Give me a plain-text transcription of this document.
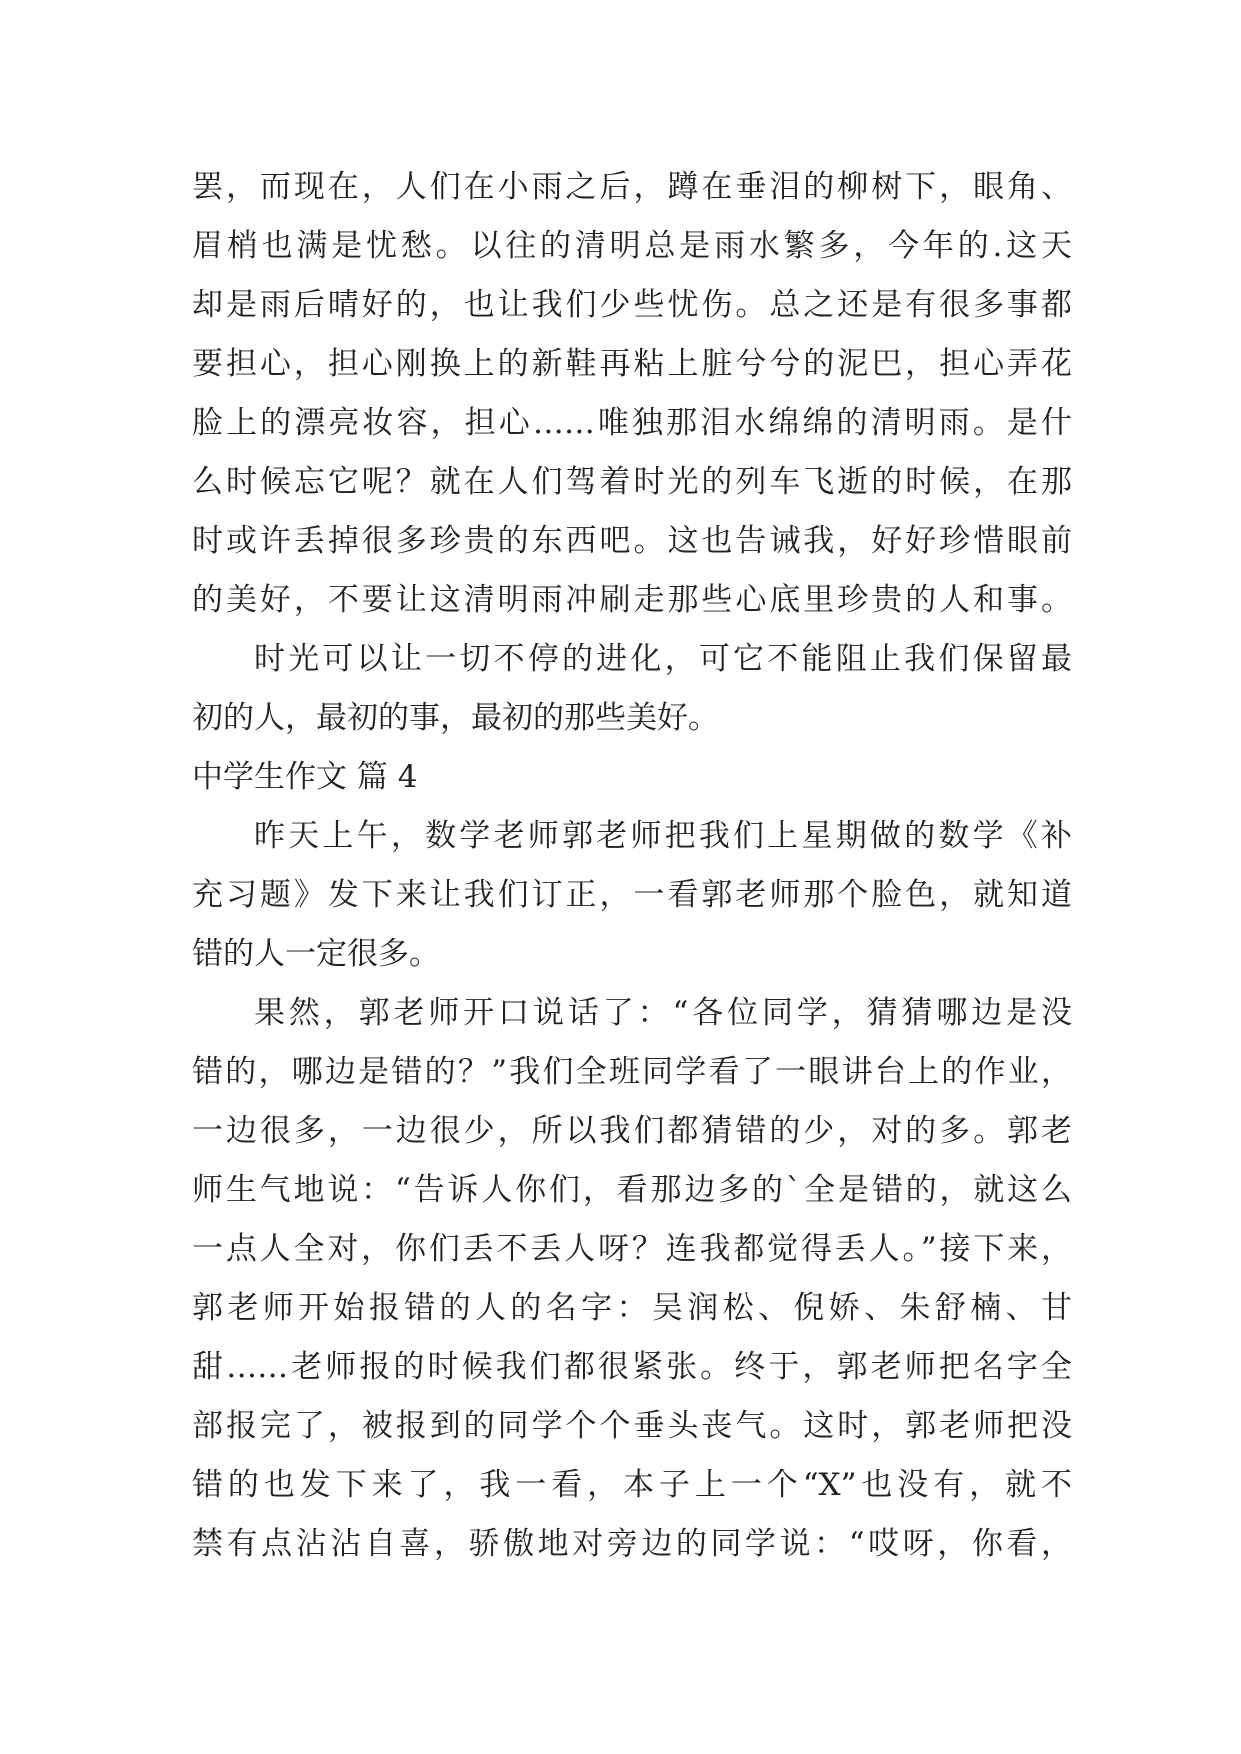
罢，而现在，人们在小雨之后，蹲在垂泪的柳树下，眼角、
眉梢也满是忧愁。以往的清明总是雨水繁多，今年的.这天
却是雨后晴好的，也让我们少些忧伤。总之还是有很多事都
要担心，担心刚换上的新鞋再粘上脏兮兮的泥巴，担心弄花
脸上的漂亮妆容，担心……唯独那泪水绵绵的清明雨。是什
么时候忘它呢？就在人们驾着时光的列车飞逝的时候，在那
时或许丢掉很多珍贵的东西吧。这也告诫我，好好珍惜眼前
的美好，不要让这清明雨冲刷走那些心底里珍贵的人和事。
时光可以让一切不停的进化，可它不能阻止我们保留最
初的人，最初的事，最初的那些美好。
中学生作文 篇 4
昨天上午，数学老师郭老师把我们上星期做的数学《补
充习题》发下来让我们订正，一看郭老师那个脸色，就知道
错的人一定很多。
果然，郭老师开口说话了：“各位同学，猜猜哪边是没
错的，哪边是错的？”我们全班同学看了一眼讲台上的作业，
一边很多，一边很少，所以我们都猜错的少，对的多。郭老
师生气地说：“告诉人你们，看那边多的`全是错的，就这么
一点人全对，你们丢不丢人呀？连我都觉得丢人。”接下来，
郭老师开始报错的人的名字：吴润松、倪娇、朱舒楠、甘
甜……老师报的时候我们都很紧张。终于，郭老师把名字全
部报完了，被报到的同学个个垂头丧气。这时，郭老师把没
错的也发下来了，我一看，本子上一个“X”也没有，就不
禁有点沾沾自喜，骄傲地对旁边的同学说：“哎呀，你看，
